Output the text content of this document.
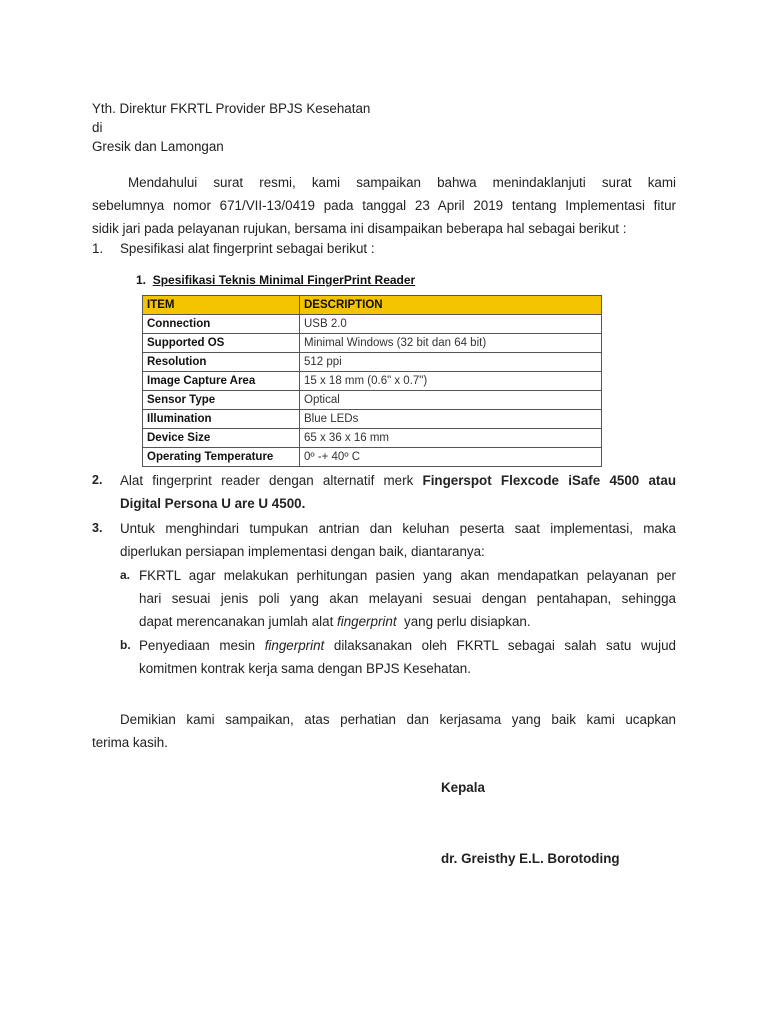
Yth. Direktur FKRTL Provider BPJS Kesehatan
di
Gresik dan Lamongan
Mendahului surat resmi, kami sampaikan bahwa menindaklanjuti surat kami
sebelumnya nomor 671/VII-13/0419 pada tanggal 23 April 2019 tentang Implementasi fitur
sidik jari pada pelayanan rujukan, bersama ini disampaikan beberapa hal sebagai berikut :
1.	Spesifikasi alat fingerprint sebagai berikut :
2.	Alat fingerprint reader dengan alternatif merk Fingerspot Flexcode iSafe 4500 atau
Digital Persona U are U 4500.
3.	Untuk menghindari tumpukan antrian dan keluhan peserta saat implementasi, maka diperlukan persiapan implementasi dengan baik, diantaranya:
a. FKRTL agar melakukan perhitungan pasien yang akan mendapatkan pelayanan per
hari sesuai jenis poli yang akan melayani sesuai dengan pentahapan, sehingga
dapat merencanakan jumlah alat fingerprint  yang perlu disiapkan.
b. Penyediaan mesin fingerprint dilaksanakan oleh FKRTL sebagai salah satu wujud
komitmen kontrak kerja sama dengan BPJS Kesehatan.
Demikian kami sampaikan, atas perhatian dan kerjasama yang baik kami ucapkan
terima kasih.
Kepala
dr. Greisthy E.L. Borotoding
1. Spesifikasi Teknis Minimal FingerPrint Reader
ITEM	DESCRIPTION
Connection	USB 2.0
Supported OS	Minimal Windows (32 bit dan 64 bit)
Resolution	512 ppi
Image Capture Area	15 x 18 mm (0.6" x 0.7")
Sensor Type	Optical
Illumination	Blue LEDs
Device Size	65 x 36 x 16 mm
Operating Temperature	0º -+ 40º C
